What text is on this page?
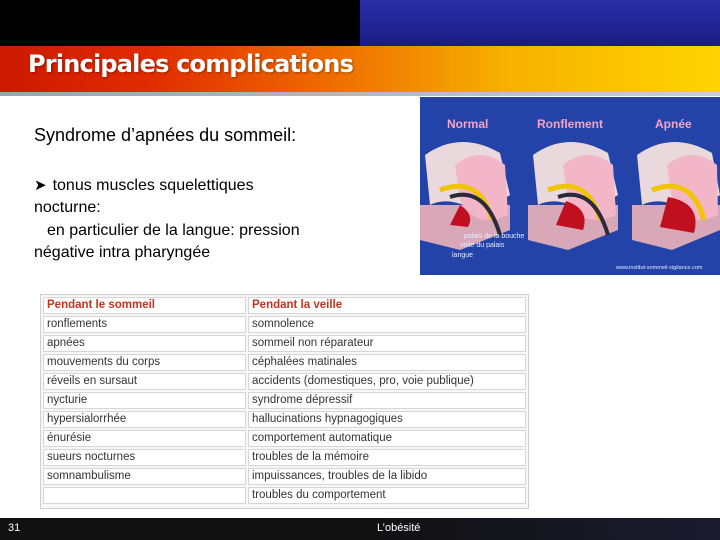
Principales complications
Syndrome d’apnées du sommeil:
➤ tonus muscles squelettiques
nocturne:
en particulier de la langue: pression
négative intra pharyngée
Normal	Ronflement	Apnée
palais de la bouche
voile du palais
langue
www.institut-sommeil-vigilance.com
Pendant le sommeil	Pendant la veille
ronflements	somnolence
apnées	sommeil non réparateur
mouvements du corps	céphalées matinales
réveils en sursaut	accidents (domestiques, pro, voie publique)
nycturie	syndrome dépressif
hypersialorrhée	hallucinations hypnagogiques
énurésie	comportement automatique
sueurs nocturnes	troubles de la mémoire
somnambulisme	impuissances, troubles de la libido
	troubles du comportement
31	L’obésité
